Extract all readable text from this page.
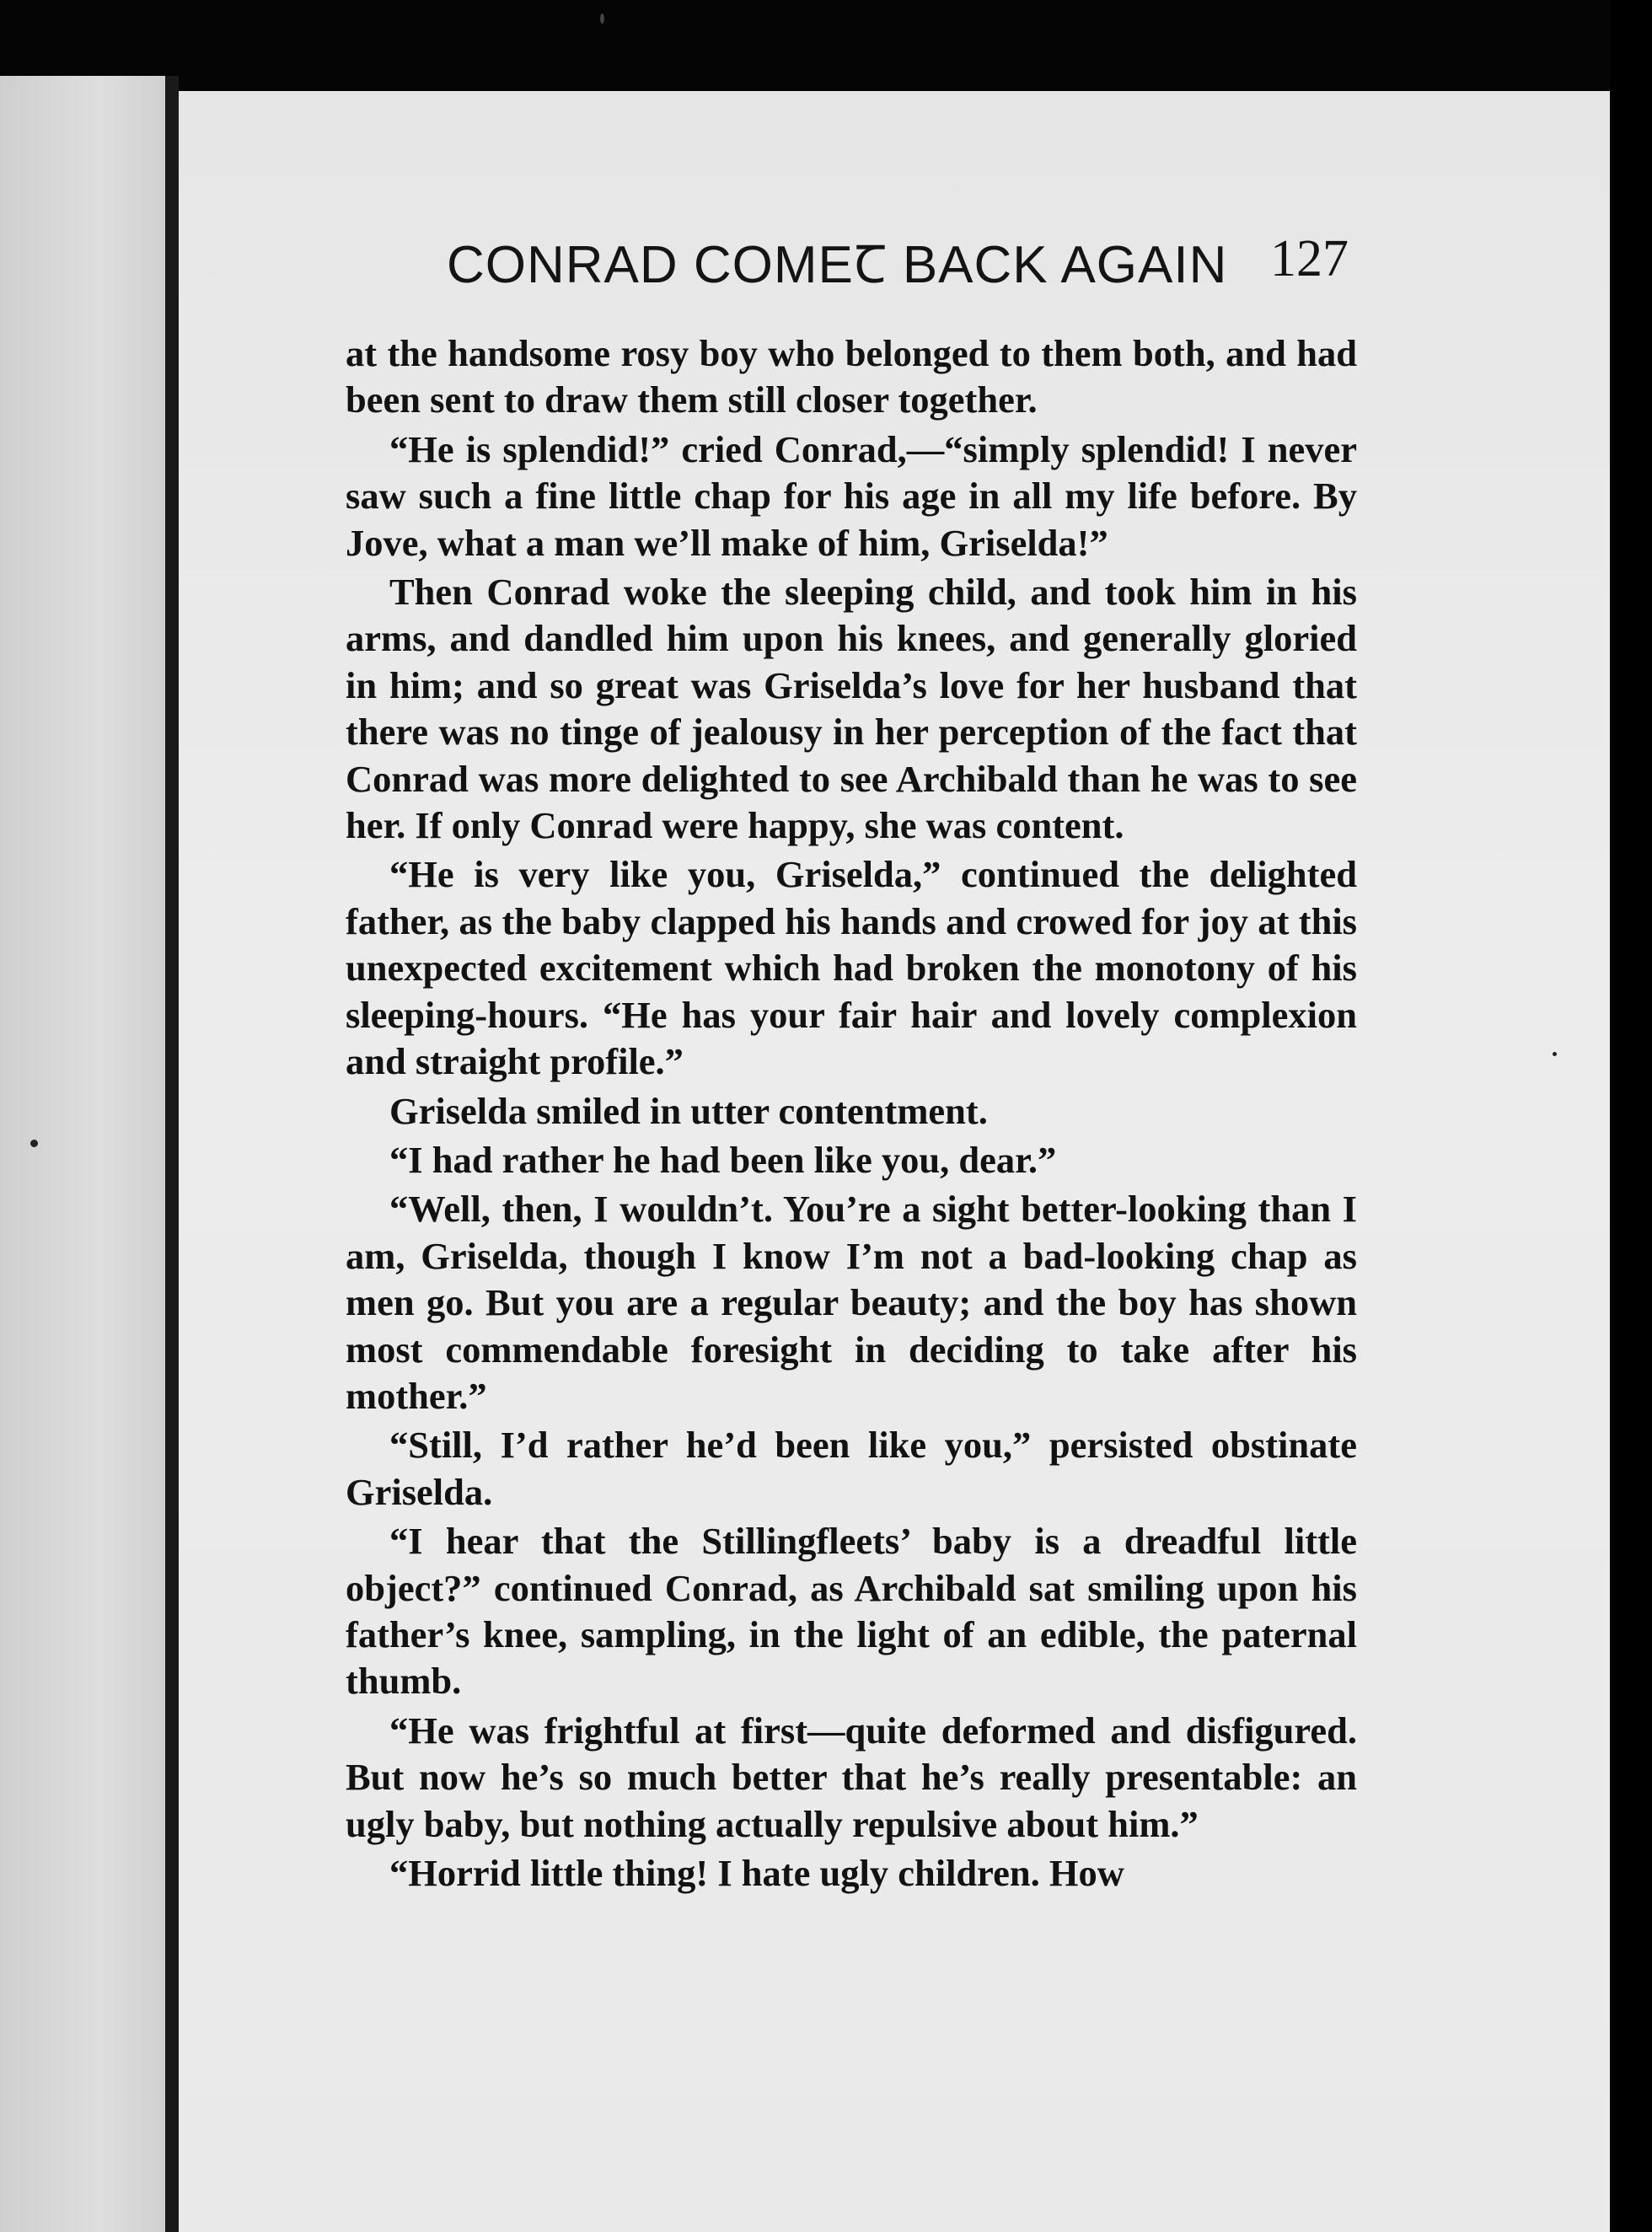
CONRAD COMEꞆ BACK AGAIN 127

at the handsome rosy boy who belonged to them both, and had been sent to draw them still closer together.

“He is splendid!” cried Conrad,—“simply splendid! I never saw such a fine little chap for his age in all my life before. By Jove, what a man we’ll make of him, Griselda!”

Then Conrad woke the sleeping child, and took him in his arms, and dandled him upon his knees, and generally gloried in him; and so great was Griselda’s love for her husband that there was no tinge of jealousy in her perception of the fact that Conrad was more delighted to see Archibald than he was to see her. If only Conrad were happy, she was content.

“He is very like you, Griselda,” continued the delighted father, as the baby clapped his hands and crowed for joy at this unexpected excitement which had broken the monotony of his sleeping-hours. “He has your fair hair and lovely complexion and straight profile.”

Griselda smiled in utter contentment.

“I had rather he had been like you, dear.”

“Well, then, I wouldn’t. You’re a sight better-looking than I am, Griselda, though I know I’m not a bad-looking chap as men go. But you are a regular beauty; and the boy has shown most commendable foresight in deciding to take after his mother.”

“Still, I’d rather he’d been like you,” persisted obstinate Griselda.

“I hear that the Stillingfleets’ baby is a dreadful little object?” continued Conrad, as Archibald sat smiling upon his father’s knee, sampling, in the light of an edible, the paternal thumb.

“He was frightful at first—quite deformed and disfigured. But now he’s so much better that he’s really presentable: an ugly baby, but nothing actually repulsive about him.”

“Horrid little thing! I hate ugly children. How
